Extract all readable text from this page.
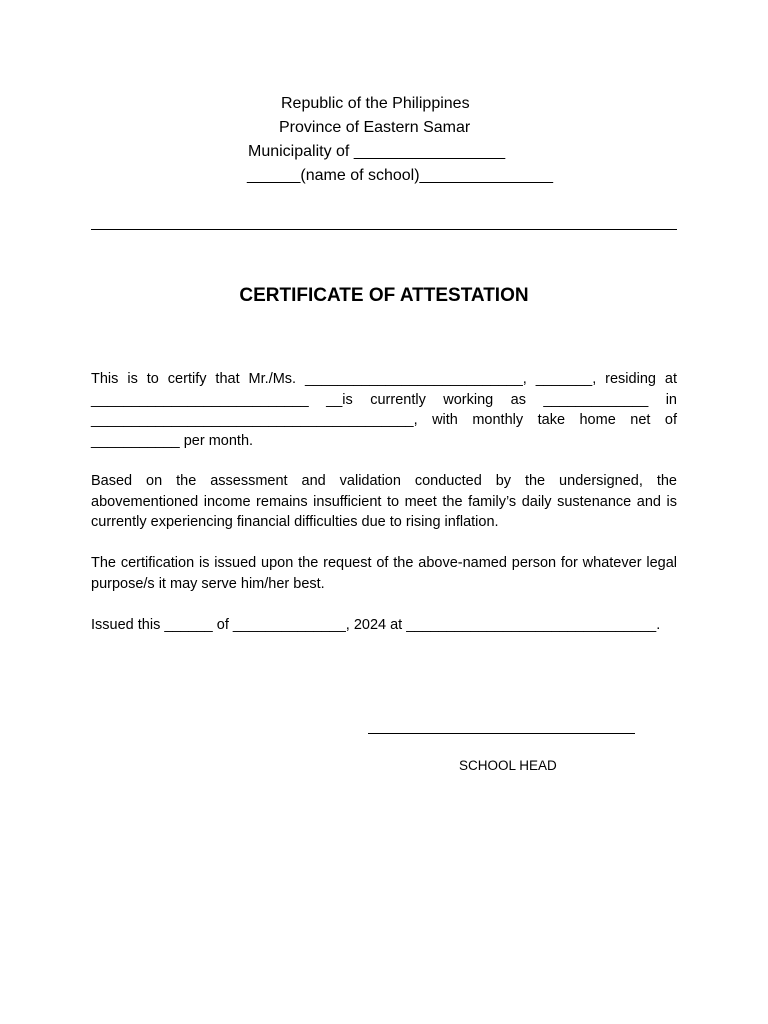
Republic of the Philippines
Province of Eastern Samar
Municipality of _________________
______(name of school)_______________
CERTIFICATE OF ATTESTATION
This is to certify that Mr./Ms. ___________________________, _______, residing at
___________________________ __is currently working as _____________ in
________________________________________, with monthly take home net of
___________ per month.
Based on the assessment and validation conducted by the undersigned, the abovementioned income remains insufficient to meet the family’s daily sustenance and is currently experiencing financial difficulties due to rising inflation.
The certification is issued upon the request of the above-named person for whatever legal purpose/s it may serve him/her best.
Issued this ______ of ______________, 2024 at _______________________________.
SCHOOL HEAD
